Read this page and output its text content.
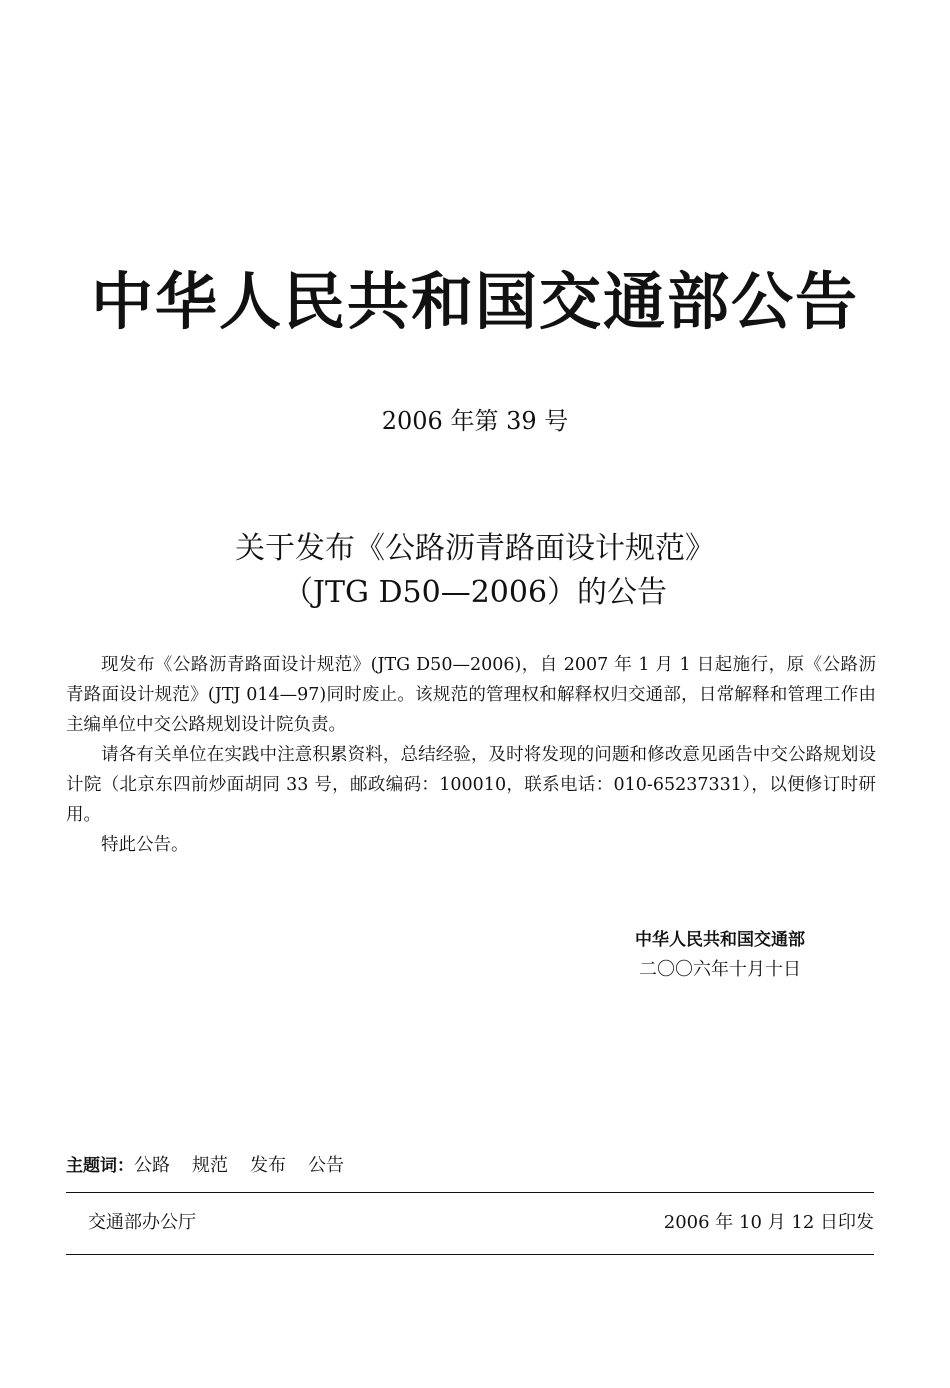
中华人民共和国交通部公告
2006 年第 39 号
关于发布《公路沥青路面设计规范》
（JTG D50—2006）的公告

现发布《公路沥青路面设计规范》(JTG D50—2006)，自 2007 年 1 月 1 日起施行，原《公路沥青路面设计规范》(JTJ 014—97)同时废止。该规范的管理权和解释权归交通部，日常解释和管理工作由主编单位中交公路规划设计院负责。

请各有关单位在实践中注意积累资料，总结经验，及时将发现的问题和修改意见函告中交公路规划设计院（北京东四前炒面胡同 33 号，邮政编码：100010，联系电话：010-65237331），以便修订时研用。

特此公告。

中华人民共和国交通部
二〇〇六年十月十日
主题词：公路 规范 发布 公告
交通部办公厅	2006 年 10 月 12 日印发
